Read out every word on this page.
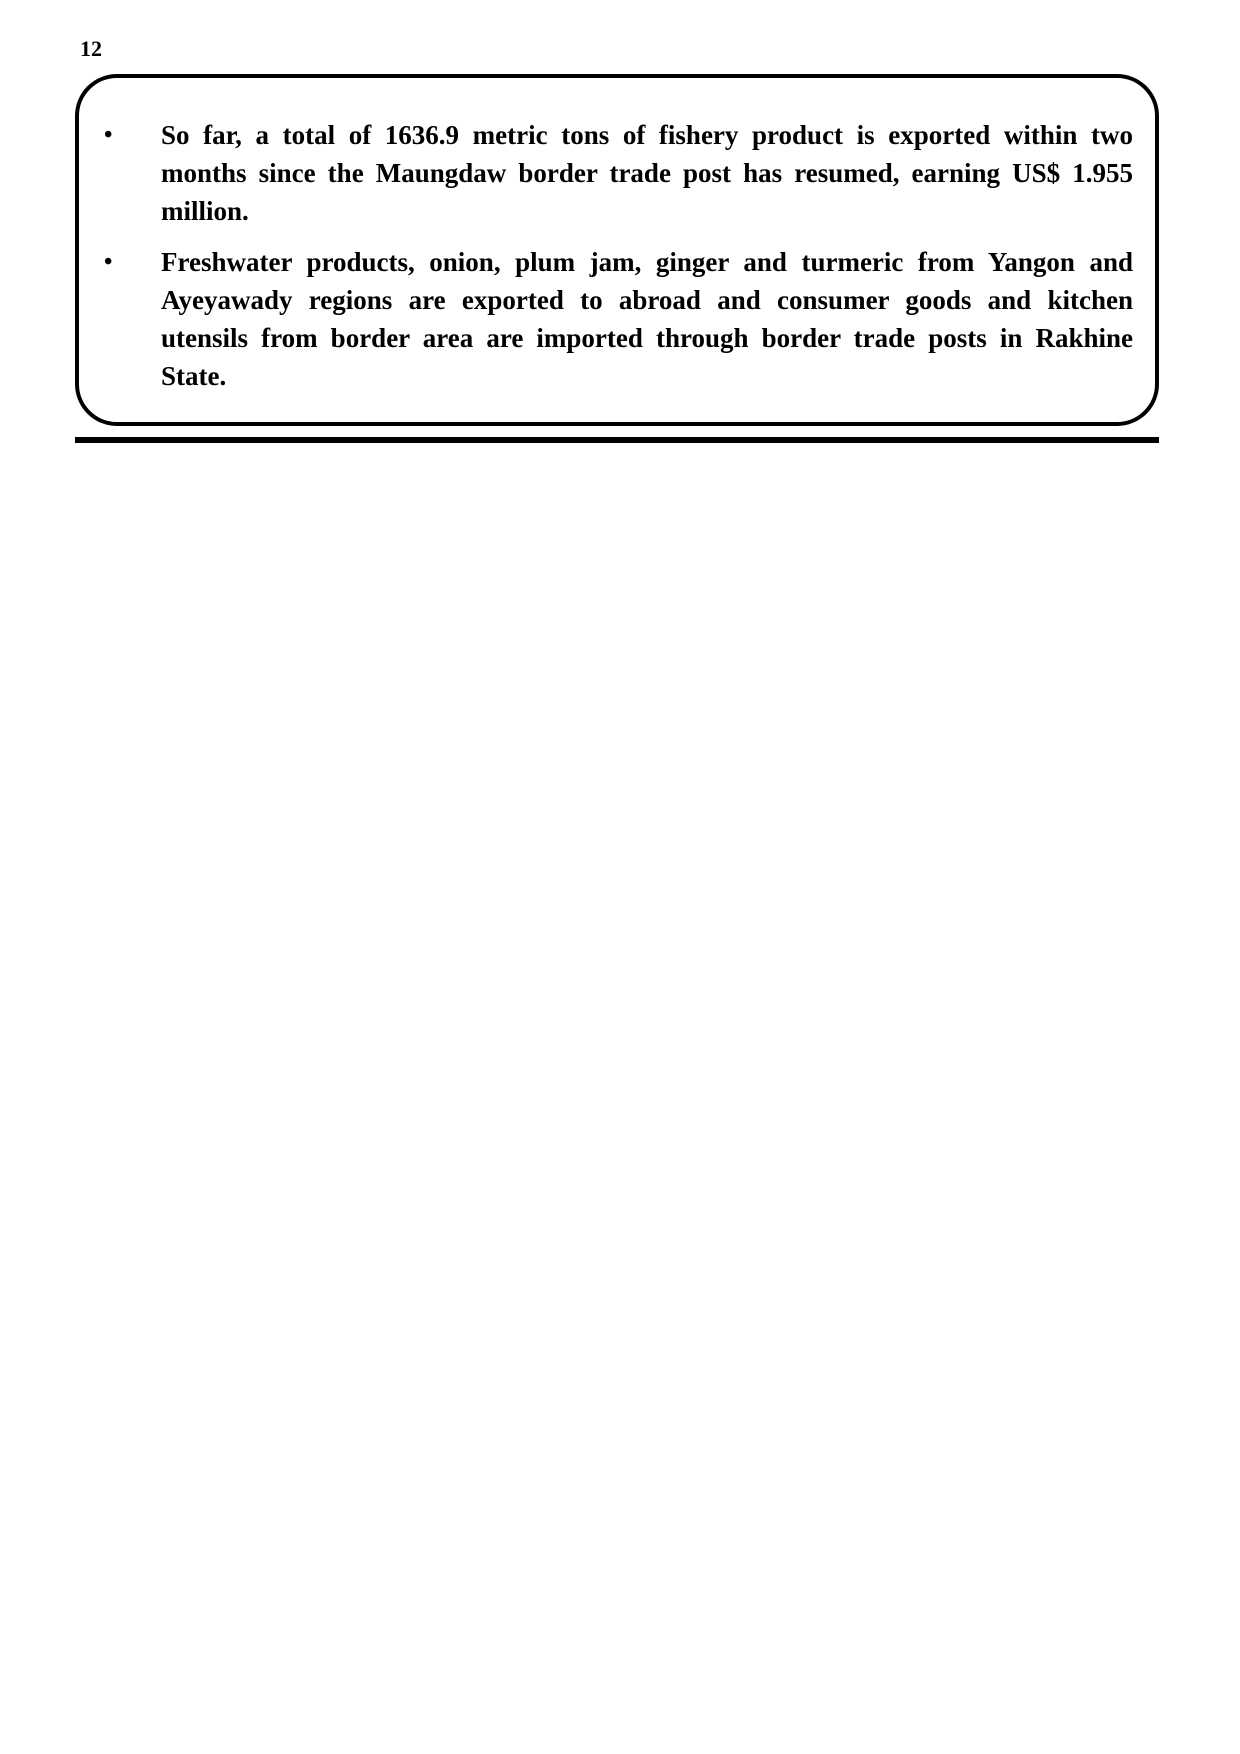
12
• So far, a total of 1636.9 metric tons of fishery product is exported within two months since the Maungdaw border trade post has resumed, earning US$ 1.955 million.
• Freshwater products, onion, plum jam, ginger and turmeric from Yangon and Ayeyawady regions are exported to abroad and consumer goods and kitchen utensils from border area are imported through border trade posts in Rakhine State.
